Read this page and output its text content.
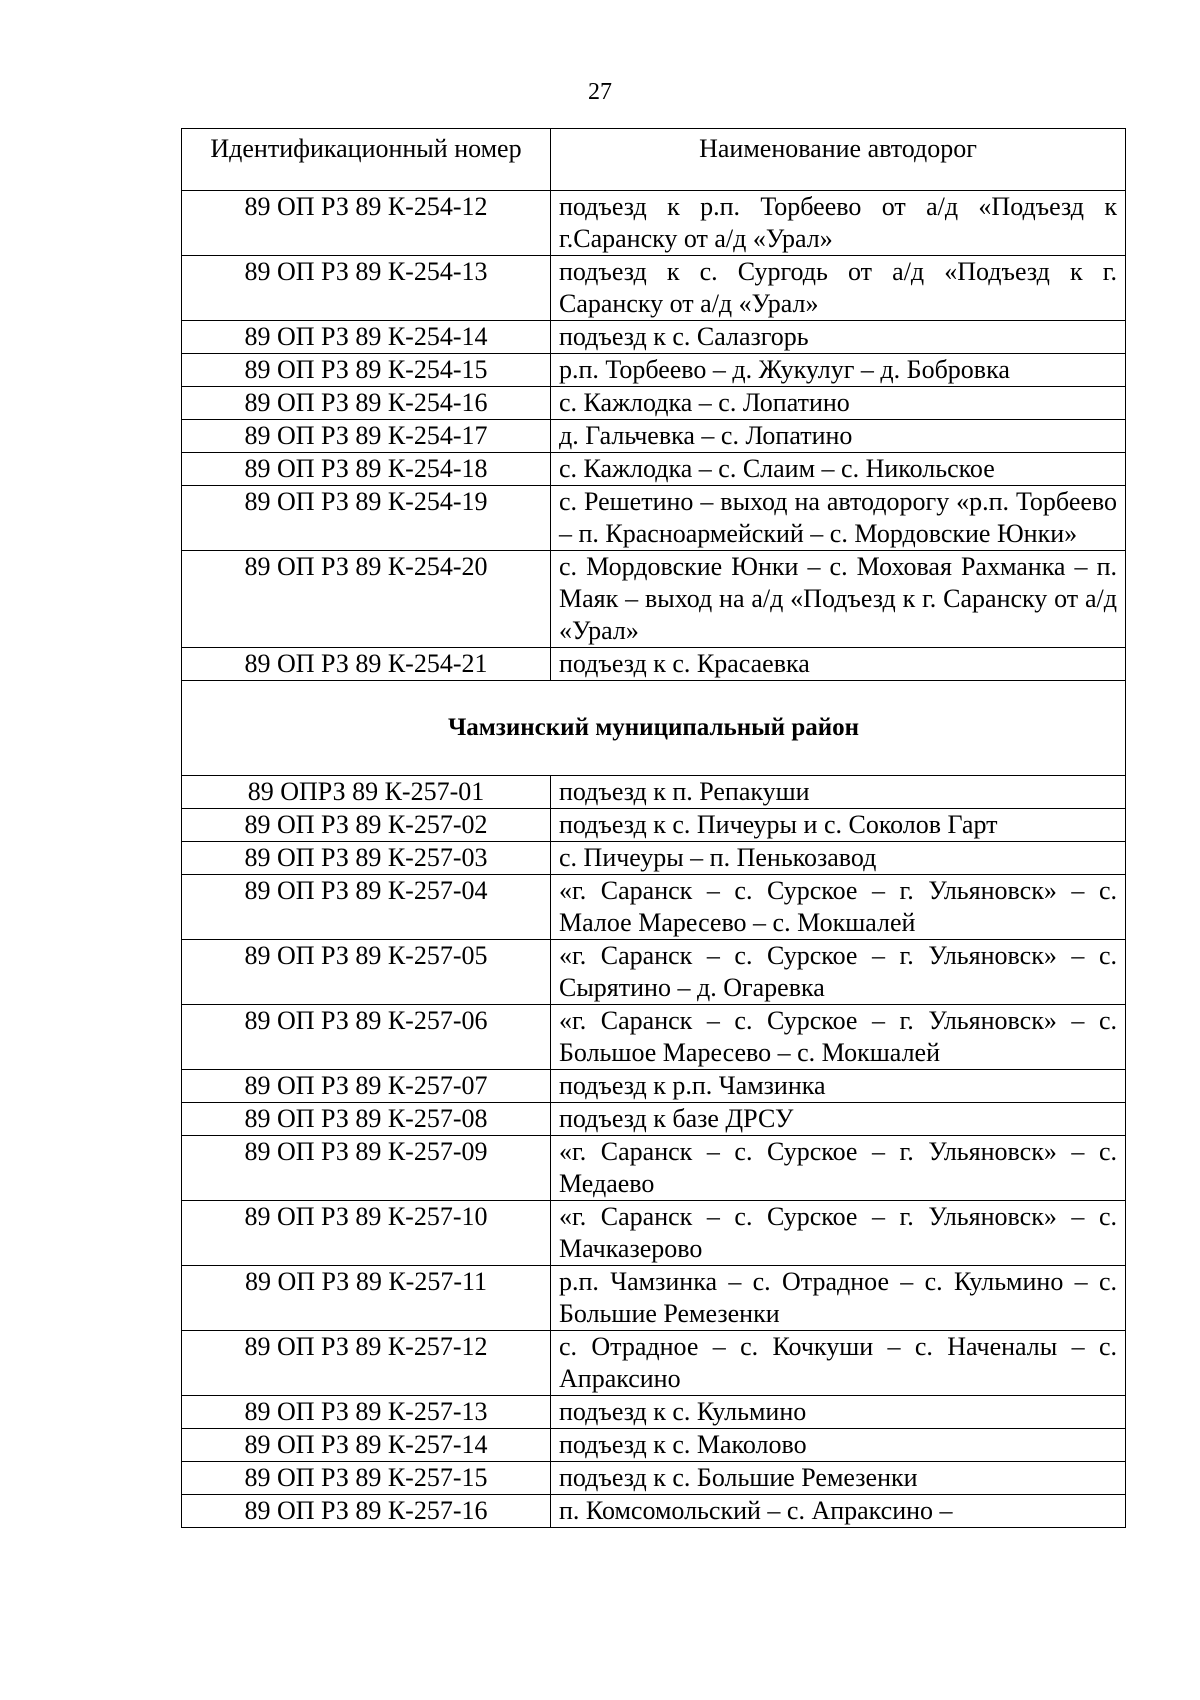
27
Идентификационный номер	Наименование автодорог
89 ОП РЗ 89 К-254-12	подъезд к р.п. Торбеево от а/д «Подъезд к г.Саранску от а/д «Урал»
89 ОП РЗ 89 К-254-13	подъезд к с. Сургодь от а/д «Подъезд к г. Саранску от а/д «Урал»
89 ОП РЗ 89 К-254-14	подъезд к с. Салазгорь
89 ОП РЗ 89 К-254-15	р.п. Торбеево – д. Жукулуг – д. Бобровка
89 ОП РЗ 89 К-254-16	с. Кажлодка – с. Лопатино
89 ОП РЗ 89 К-254-17	д. Гальчевка – с. Лопатино
89 ОП РЗ 89 К-254-18	с. Кажлодка – с. Слаим – с. Никольское
89 ОП РЗ 89 К-254-19	с. Решетино – выход на автодорогу «р.п. Торбеево – п. Красноармейский – с. Мордовские Юнки»
89 ОП РЗ 89 К-254-20	с. Мордовские Юнки – с. Моховая Рахманка – п. Маяк – выход на а/д «Подъезд к г. Саранску от а/д «Урал»
89 ОП РЗ 89 К-254-21	подъезд к с. Красаевка
Чамзинский муниципальный район	
89 ОПРЗ 89 К-257-01	подъезд к п. Репакуши
89 ОП РЗ 89 К-257-02	подъезд к с. Пичеуры и с. Соколов Гарт
89 ОП РЗ 89 К-257-03	с. Пичеуры – п. Пенькозавод
89 ОП РЗ 89 К-257-04	«г. Саранск – с. Сурское – г. Ульяновск» – с. Малое Маресево – с. Мокшалей
89 ОП РЗ 89 К-257-05	«г. Саранск – с. Сурское – г. Ульяновск» – с. Сырятино – д. Огаревка
89 ОП РЗ 89 К-257-06	«г. Саранск – с. Сурское – г. Ульяновск» – с. Большое Маресево – с. Мокшалей
89 ОП РЗ 89 К-257-07	подъезд к р.п. Чамзинка
89 ОП РЗ 89 К-257-08	подъезд к базе ДРСУ
89 ОП РЗ 89 К-257-09	«г. Саранск – с. Сурское – г. Ульяновск» – с. Медаево
89 ОП РЗ 89 К-257-10	«г. Саранск – с. Сурское – г. Ульяновск» – с. Мачказерово
89 ОП РЗ 89 К-257-11	р.п. Чамзинка – с. Отрадное – с. Кульмино – с. Большие Ремезенки
89 ОП РЗ 89 К-257-12	с. Отрадное – с. Кочкуши – с. Наченалы – с. Апраксино
89 ОП РЗ 89 К-257-13	подъезд к с. Кульмино
89 ОП РЗ 89 К-257-14	подъезд к с. Маколово
89 ОП РЗ 89 К-257-15	подъезд к с. Большие Ремезенки
89 ОП РЗ 89 К-257-16	п. Комсомольский – с. Апраксино –
